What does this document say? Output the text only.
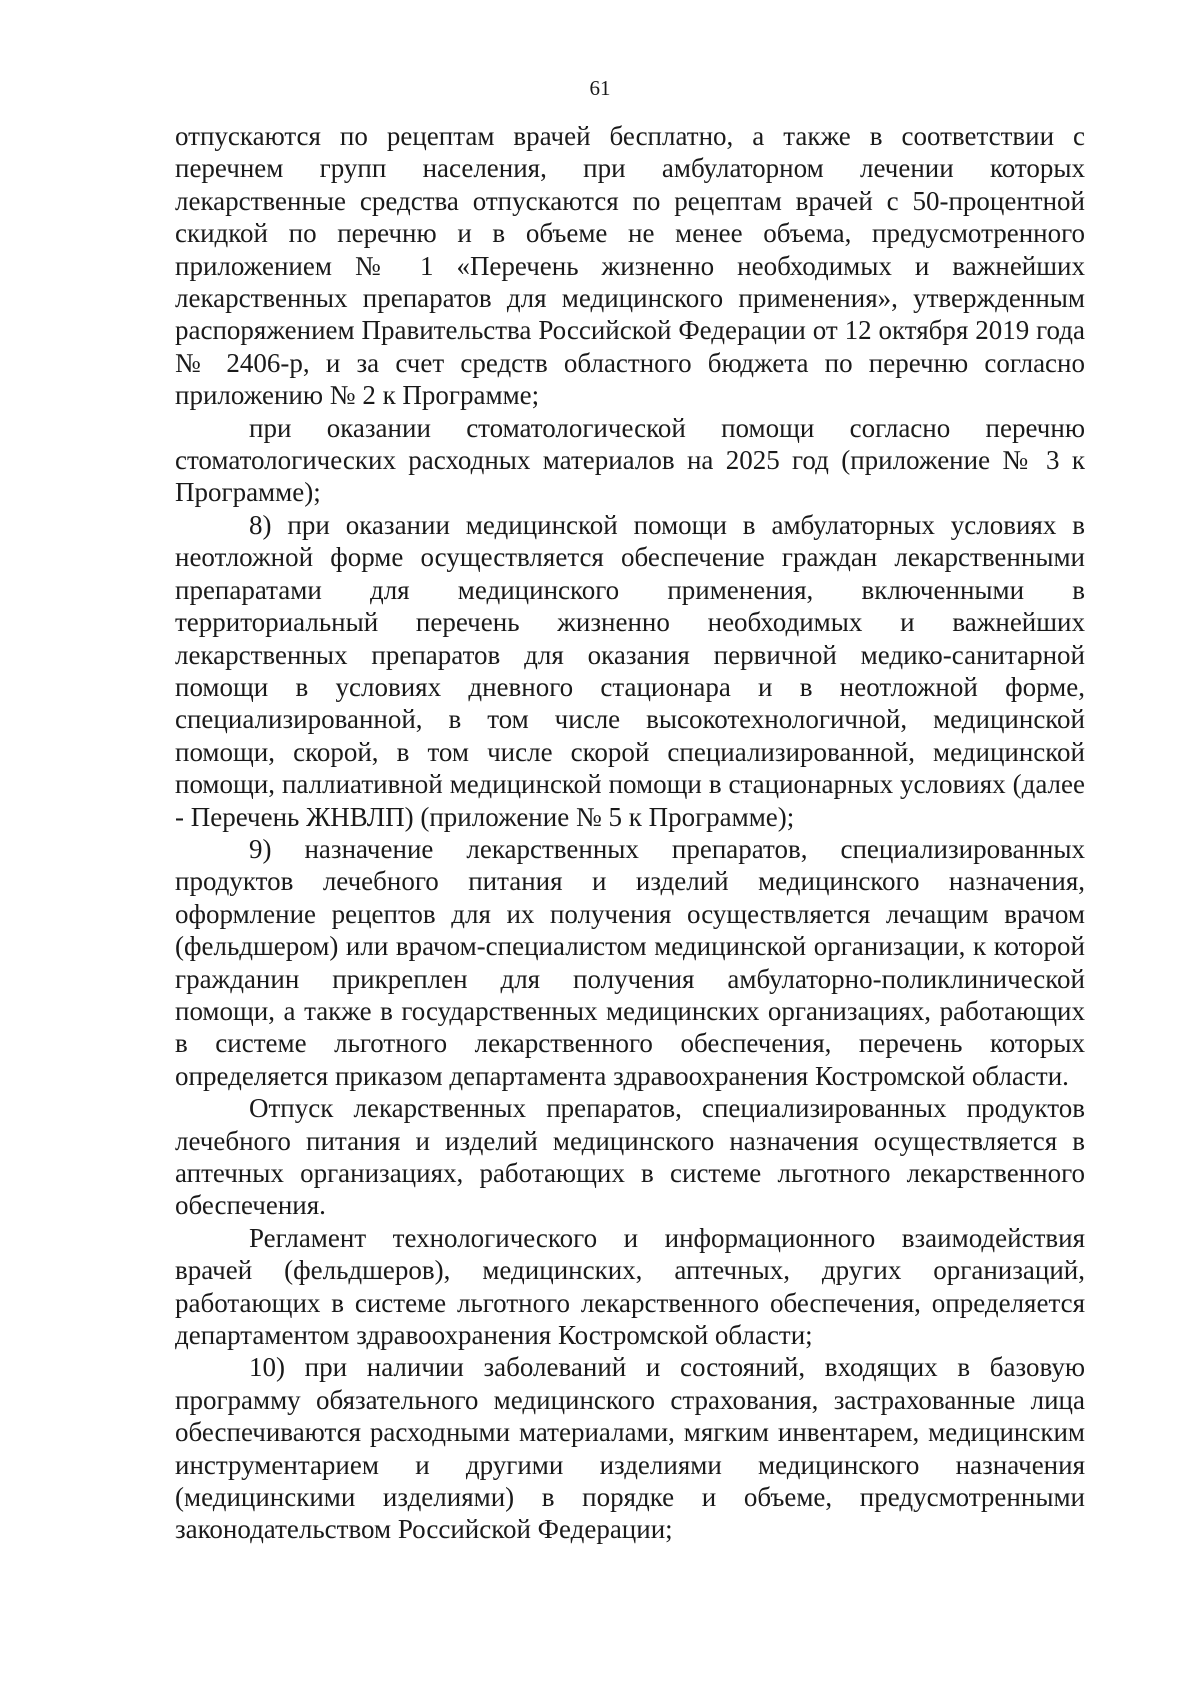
61

отпускаются по рецептам врачей бесплатно, а также в соответствии с перечнем групп населения, при амбулаторном лечении которых лекарственные средства отпускаются по рецептам врачей с 50-процентной скидкой по перечню и в объеме не менее объема, предусмотренного приложением № 1 «Перечень жизненно необходимых и важнейших лекарственных препаратов для медицинского применения», утвержденным распоряжением Правительства Российской Федерации от 12 октября 2019 года № 2406-р, и за счет средств областного бюджета по перечню согласно приложению № 2 к Программе;

при оказании стоматологической помощи согласно перечню стоматологических расходных материалов на 2025 год (приложение № 3 к Программе);

8) при оказании медицинской помощи в амбулаторных условиях в неотложной форме осуществляется обеспечение граждан лекарственными препаратами для медицинского применения, включенными в территориальный перечень жизненно необходимых и важнейших лекарственных препаратов для оказания первичной медико-санитарной помощи в условиях дневного стационара и в неотложной форме, специализированной, в том числе высокотехнологичной, медицинской помощи, скорой, в том числе скорой специализированной, медицинской помощи, паллиативной медицинской помощи в стационарных условиях (далее - Перечень ЖНВЛП) (приложение № 5 к Программе);

9) назначение лекарственных препаратов, специализированных продуктов лечебного питания и изделий медицинского назначения, оформление рецептов для их получения осуществляется лечащим врачом (фельдшером) или врачом-специалистом медицинской организации, к которой гражданин прикреплен для получения амбулаторно-поликлинической помощи, а также в государственных медицинских организациях, работающих в системе льготного лекарственного обеспечения, перечень которых определяется приказом департамента здравоохранения Костромской области.

Отпуск лекарственных препаратов, специализированных продуктов лечебного питания и изделий медицинского назначения осуществляется в аптечных организациях, работающих в системе льготного лекарственного обеспечения.

Регламент технологического и информационного взаимодействия врачей (фельдшеров), медицинских, аптечных, других организаций, работающих в системе льготного лекарственного обеспечения, определяется департаментом здравоохранения Костромской области;

10) при наличии заболеваний и состояний, входящих в базовую программу обязательного медицинского страхования, застрахованные лица обеспечиваются расходными материалами, мягким инвентарем, медицинским инструментарием и другими изделиями медицинского назначения (медицинскими изделиями) в порядке и объеме, предусмотренными законодательством Российской Федерации;
